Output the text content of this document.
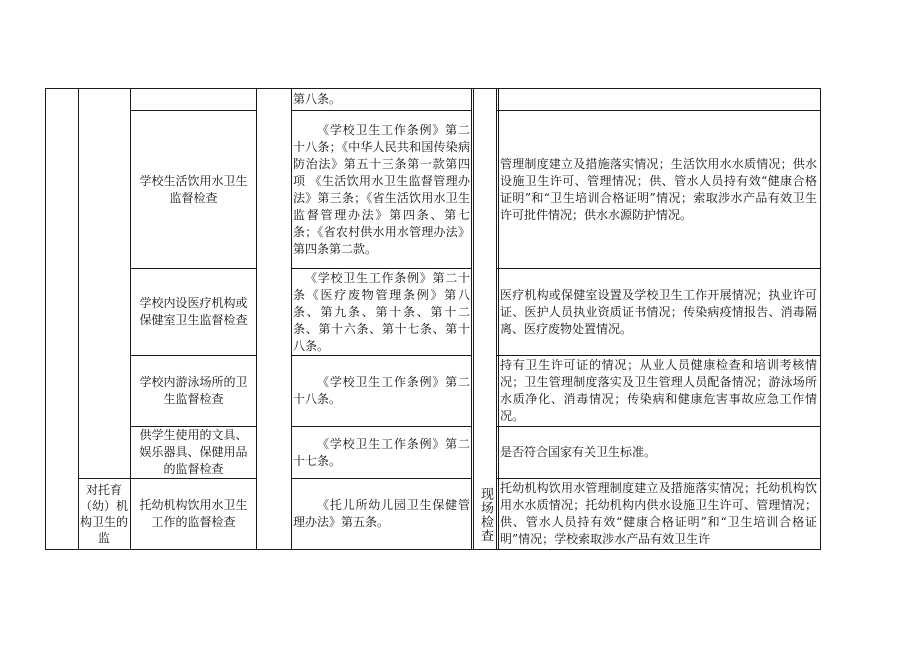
第八条。
学校生活饮用水卫生监督检查
《学校卫生工作条例》第二十八条；《中华人民共和国传染病防治法》第五十三条第一款第四项 《生活饮用水卫生监督管理办法》第三条；《省生活饮用水卫生监督管理办法》第四条、第七条；《省农村供水用水管理办法》第四条第二款。
管理制度建立及措施落实情况；生活饮用水水质情况；供水设施卫生许可、管理情况；供、管水人员持有效“健康合格证明”和“卫生培训合格证明”情况；索取涉水产品有效卫生许可批件情况；供水水源防护情况。
学校内设医疗机构或保健室卫生监督检查
《学校卫生工作条例》第二十条《医疗废物管理条例》第八条、第九条、第十条、第十二条、第十六条、第十七条、第十八条。
医疗机构或保健室设置及学校卫生工作开展情况；执业许可证、医护人员执业资质证书情况；传染病疫情报告、消毒隔离、医疗废物处置情况。
学校内游泳场所的卫生监督检查
《学校卫生工作条例》第二十八条。
持有卫生许可证的情况；从业人员健康检查和培训考核情况；卫生管理制度落实及卫生管理人员配备情况；游泳场所水质净化、消毒情况；传染病和健康危害事故应急工作情况。
供学生使用的文具、娱乐器具、保健用品的监督检查
《学校卫生工作条例》第二十七条。
是否符合国家有关卫生标准。
对托育（幼）机构卫生的监
托幼机构饮用水卫生工作的监督检查
《托儿所幼儿园卫生保健管理办法》第五条。	现场检查 托幼机构饮用水管理制度建立及措施落实情况；托幼机构饮用水水质情况；托幼机构内供水设施卫生许可、管理情况；供、管水人员持有效“健康合格证明”和“卫生培训合格证明”情况；学校索取涉水产品有效卫生许
